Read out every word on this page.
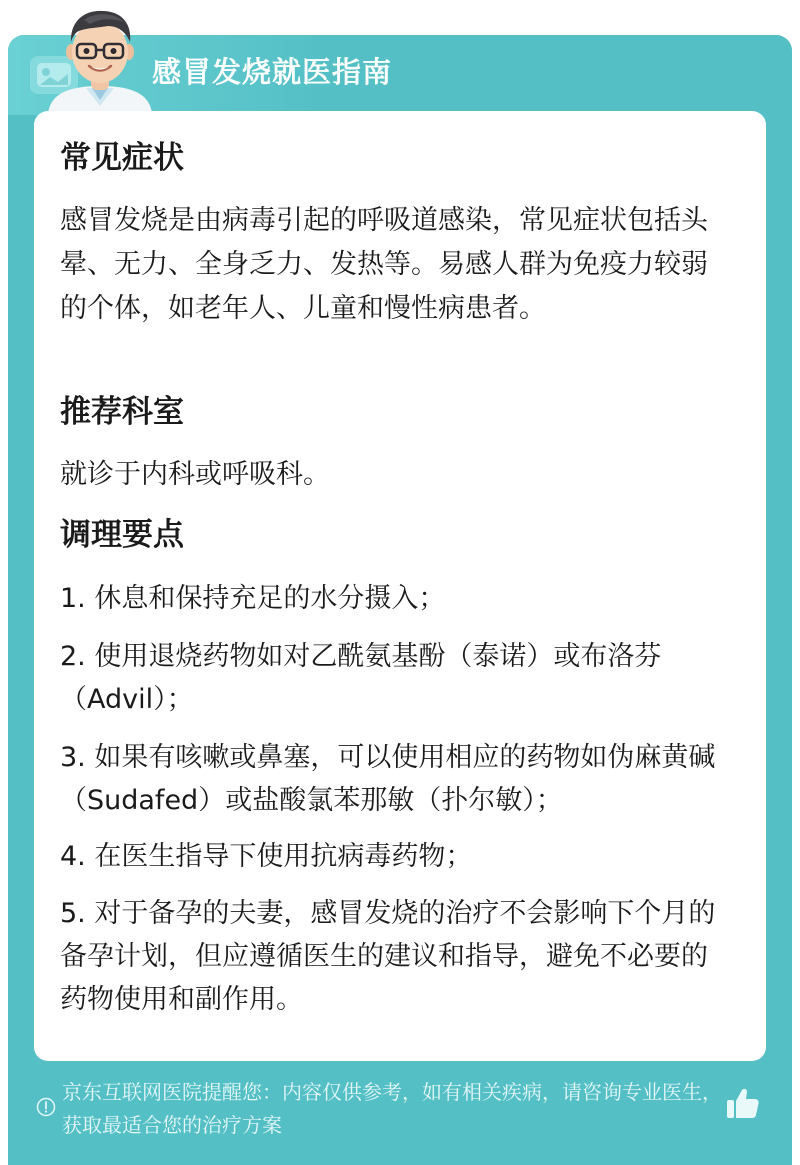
感冒发烧就医指南
常见症状
感冒发烧是由病毒引起的呼吸道感染，常见症状包括头晕、无力、全身乏力、发热等。易感人群为免疫力较弱的个体，如老年人、儿童和慢性病患者。
推荐科室
就诊于内科或呼吸科。
调理要点
1. 休息和保持充足的水分摄入；
2. 使用退烧药物如对乙酰氨基酚（泰诺）或布洛芬（Advil）；
3. 如果有咳嗽或鼻塞，可以使用相应的药物如伪麻黄碱（Sudafed）或盐酸氯苯那敏（扑尔敏）；
4. 在医生指导下使用抗病毒药物；
5. 对于备孕的夫妻，感冒发烧的治疗不会影响下个月的备孕计划，但应遵循医生的建议和指导，避免不必要的药物使用和副作用。
京东互联网医院提醒您：内容仅供参考，如有相关疾病，请咨询专业医生，获取最适合您的治疗方案
